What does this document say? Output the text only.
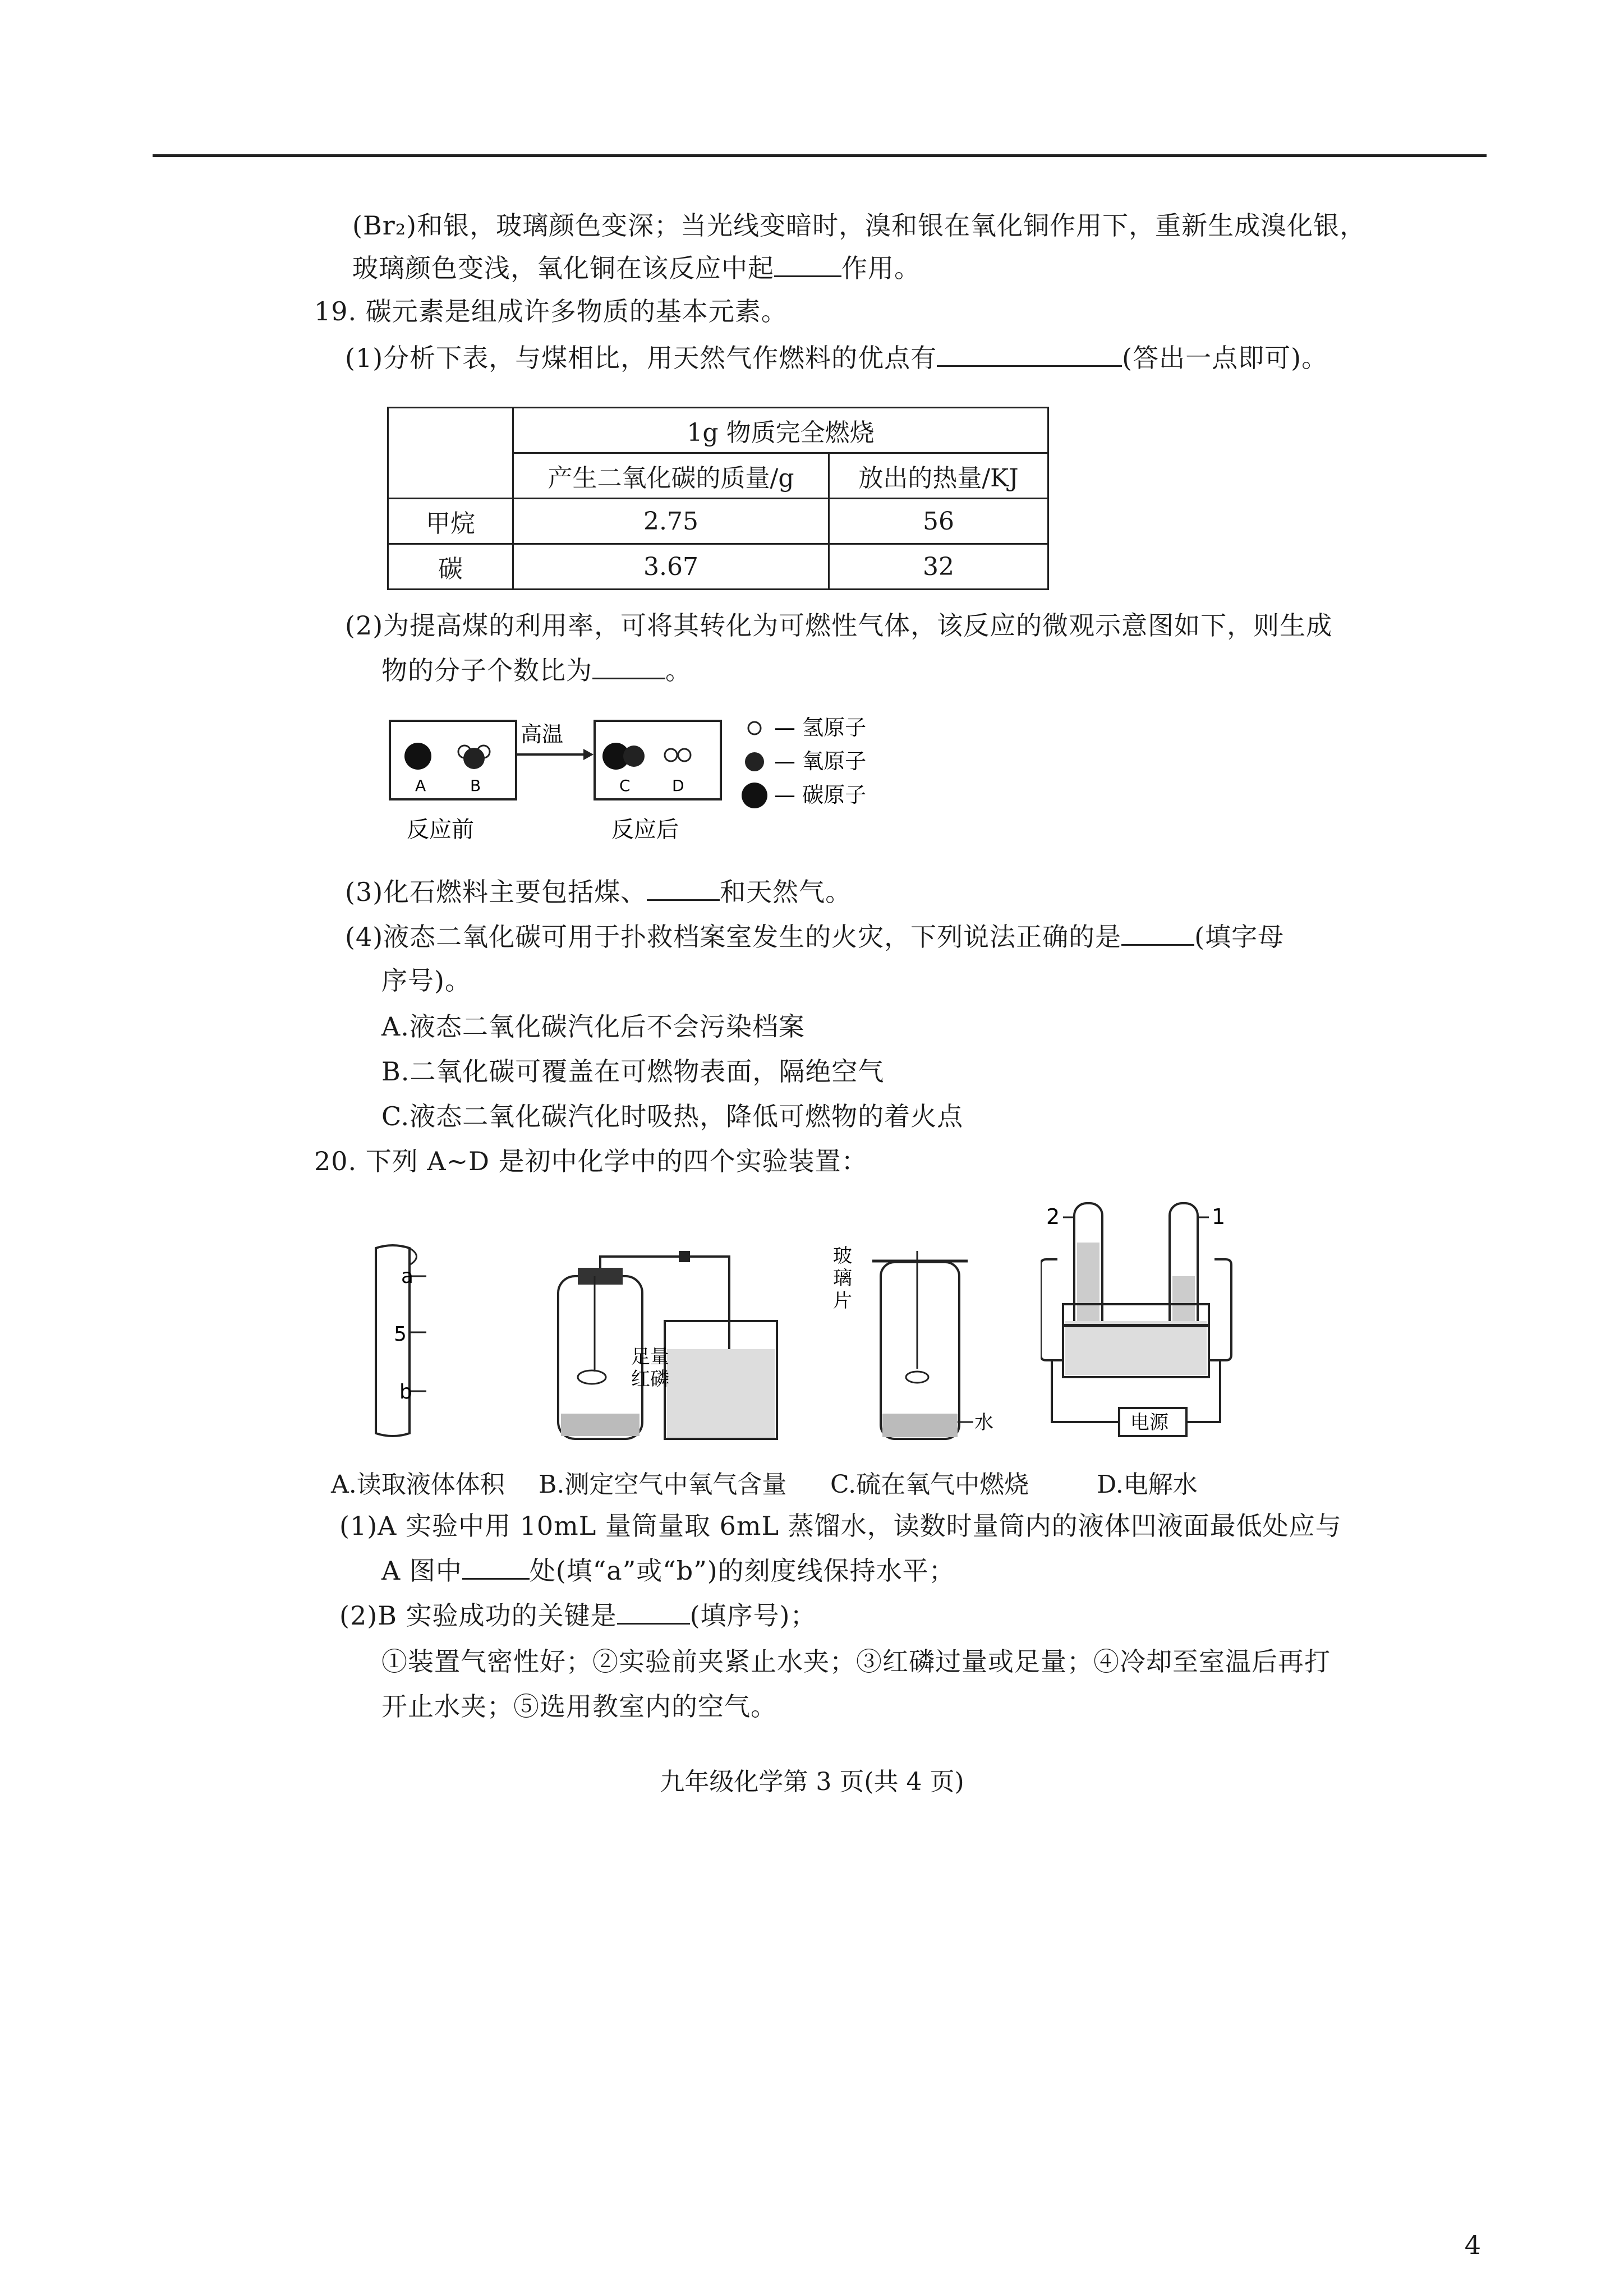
(Br₂)和银，玻璃颜色变深；当光线变暗时，溴和银在氧化铜作用下，重新生成溴化银，
玻璃颜色变浅，氧化铜在该反应中起	作用。
19. 碳元素是组成许多物质的基本元素。
(1)分析下表，与煤相比，用天然气作燃料的优点有	(答出一点即可)。
	1g 物质完全燃烧	
	产生二氧化碳的质量/g	放出的热量/KJ
甲烷	2.75	56
碳	3.67	32
(2)为提高煤的利用率，可将其转化为可燃性气体，该反应的微观示意图如下，则生成
物的分子个数比为	。
A	B
高温
C	D
— 氢原子
— 氧原子
— 碳原子
反应前	反应后
(3)化石燃料主要包括煤、	和天然气。
(4)液态二氧化碳可用于扑救档案室发生的火灾，下列说法正确的是	(填字母
序号)。
A.液态二氧化碳汽化后不会污染档案
B.二氧化碳可覆盖在可燃物表面，隔绝空气
C.液态二氧化碳汽化时吸热，降低可燃物的着火点
20. 下列 A~D 是初中化学中的四个实验装置：
a
5
b
足量
红磷
玻
璃
片
水	电源
2	1
A.读取液体体积 B.测定空气中氧气含量 C.硫在氧气中燃烧	D.电解水
(1)A 实验中用 10mL 量筒量取 6mL 蒸馏水，读数时量筒内的液体凹液面最低处应与
A 图中	处(填“a”或“b”)的刻度线保持水平；
(2)B 实验成功的关键是	(填序号)；
①装置气密性好；②实验前夹紧止水夹；③红磷过量或足量；④冷却至室温后再打
开止水夹；⑤选用教室内的空气。
九年级化学第 3 页(共 4 页)
4
